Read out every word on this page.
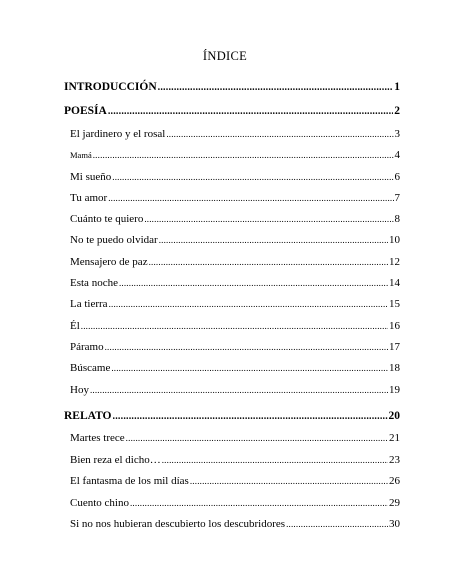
ÍNDICE
INTRODUCCIÓN .....	1
POESÍA .....	2
El jardinero y el rosal .....	3
Mamá .....	4
Mi sueño .....	6
Tu amor .....	7
Cuánto te quiero .....	8
No te puedo olvidar .....	10
Mensajero de paz .....	12
Esta noche .....	14
La tierra .....	15
Él .....	16
Páramo .....	17
Búscame .....	18
Hoy .....	19
RELATO .....	20
Martes trece .....	21
Bien reza el dicho… .....	23
El fantasma de los mil días .....	26
Cuento chino .....	29
Si no nos hubieran descubierto los descubridores .....	30
